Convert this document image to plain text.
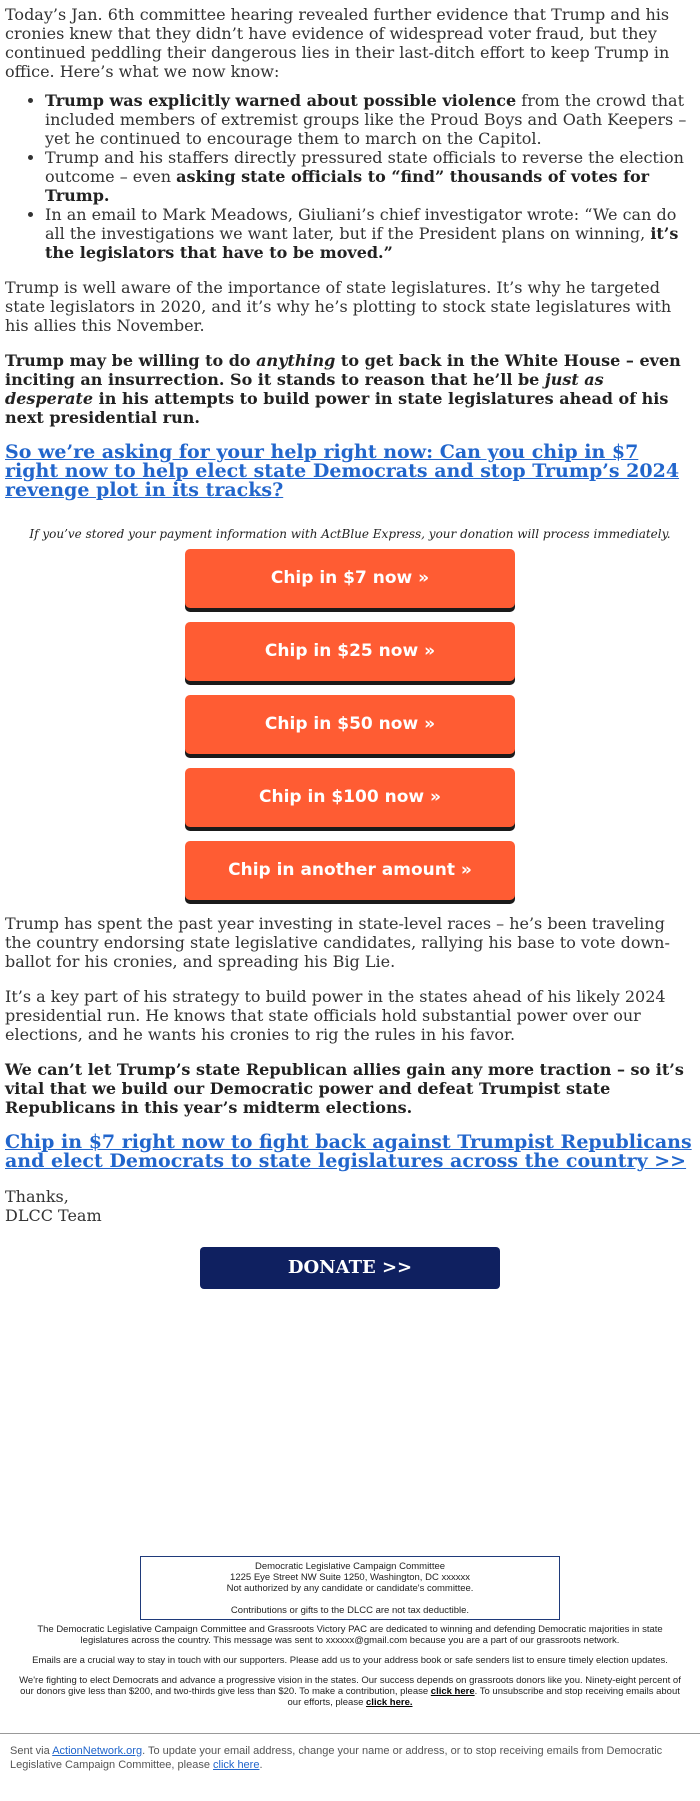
Today’s Jan. 6th committee hearing revealed further evidence that Trump and his cronies knew that they didn’t have evidence of widespread voter fraud, but they continued peddling their dangerous lies in their last-ditch effort to keep Trump in office. Here’s what we now know:

• Trump was explicitly warned about possible violence from the crowd that included members of extremist groups like the Proud Boys and Oath Keepers – yet he continued to encourage them to march on the Capitol.
• Trump and his staffers directly pressured state officials to reverse the election outcome – even asking state officials to “find” thousands of votes for Trump.
• In an email to Mark Meadows, Giuliani’s chief investigator wrote: “We can do all the investigations we want later, but if the President plans on winning, it’s the legislators that have to be moved.”

Trump is well aware of the importance of state legislatures. It’s why he targeted state legislators in 2020, and it’s why he’s plotting to stock state legislatures with his allies this November.

Trump may be willing to do anything to get back in the White House – even inciting an insurrection. So it stands to reason that he’ll be just as desperate in his attempts to build power in state legislatures ahead of his next presidential run.

So we’re asking for your help right now: Can you chip in $7 right now to help elect state Democrats and stop Trump’s 2024 revenge plot in its tracks?
If you’ve stored your payment information with ActBlue Express, your donation will process immediately.
Chip in $7 now »
Chip in $25 now »
Chip in $50 now »
Chip in $100 now »
Chip in another amount »

Trump has spent the past year investing in state-level races – he’s been traveling the country endorsing state legislative candidates, rallying his base to vote down-ballot for his cronies, and spreading his Big Lie.

It’s a key part of his strategy to build power in the states ahead of his likely 2024 presidential run. He knows that state officials hold substantial power over our elections, and he wants his cronies to rig the rules in his favor.

We can’t let Trump’s state Republican allies gain any more traction – so it’s vital that we build our Democratic power and defeat Trumpist state Republicans in this year’s midterm elections.

Chip in $7 right now to fight back against Trumpist Republicans and elect Democrats to state legislatures across the country >>

Thanks,
DLCC Team

DONATE >>
Democratic Legislative Campaign Committee
1225 Eye Street NW Suite 1250, Washington, DC xxxxxx
Not authorized by any candidate or candidate's committee.
Contributions or gifts to the DLCC are not tax deductible.
The Democratic Legislative Campaign Committee and Grassroots Victory PAC are dedicated to winning and defending Democratic majorities in state legislatures across the country. This message was sent to xxxxxx@gmail.com because you are a part of our grassroots network.
Emails are a crucial way to stay in touch with our supporters. Please add us to your address book or safe senders list to ensure timely election updates.
We're fighting to elect Democrats and advance a progressive vision in the states. Our success depends on grassroots donors like you. Ninety-eight percent of our donors give less than $200, and two-thirds give less than $20. To make a contribution, please click here. To unsubscribe and stop receiving emails about our efforts, please click here.
Sent via ActionNetwork.org. To update your email address, change your name or address, or to stop receiving emails from Democratic Legislative Campaign Committee, please click here.
